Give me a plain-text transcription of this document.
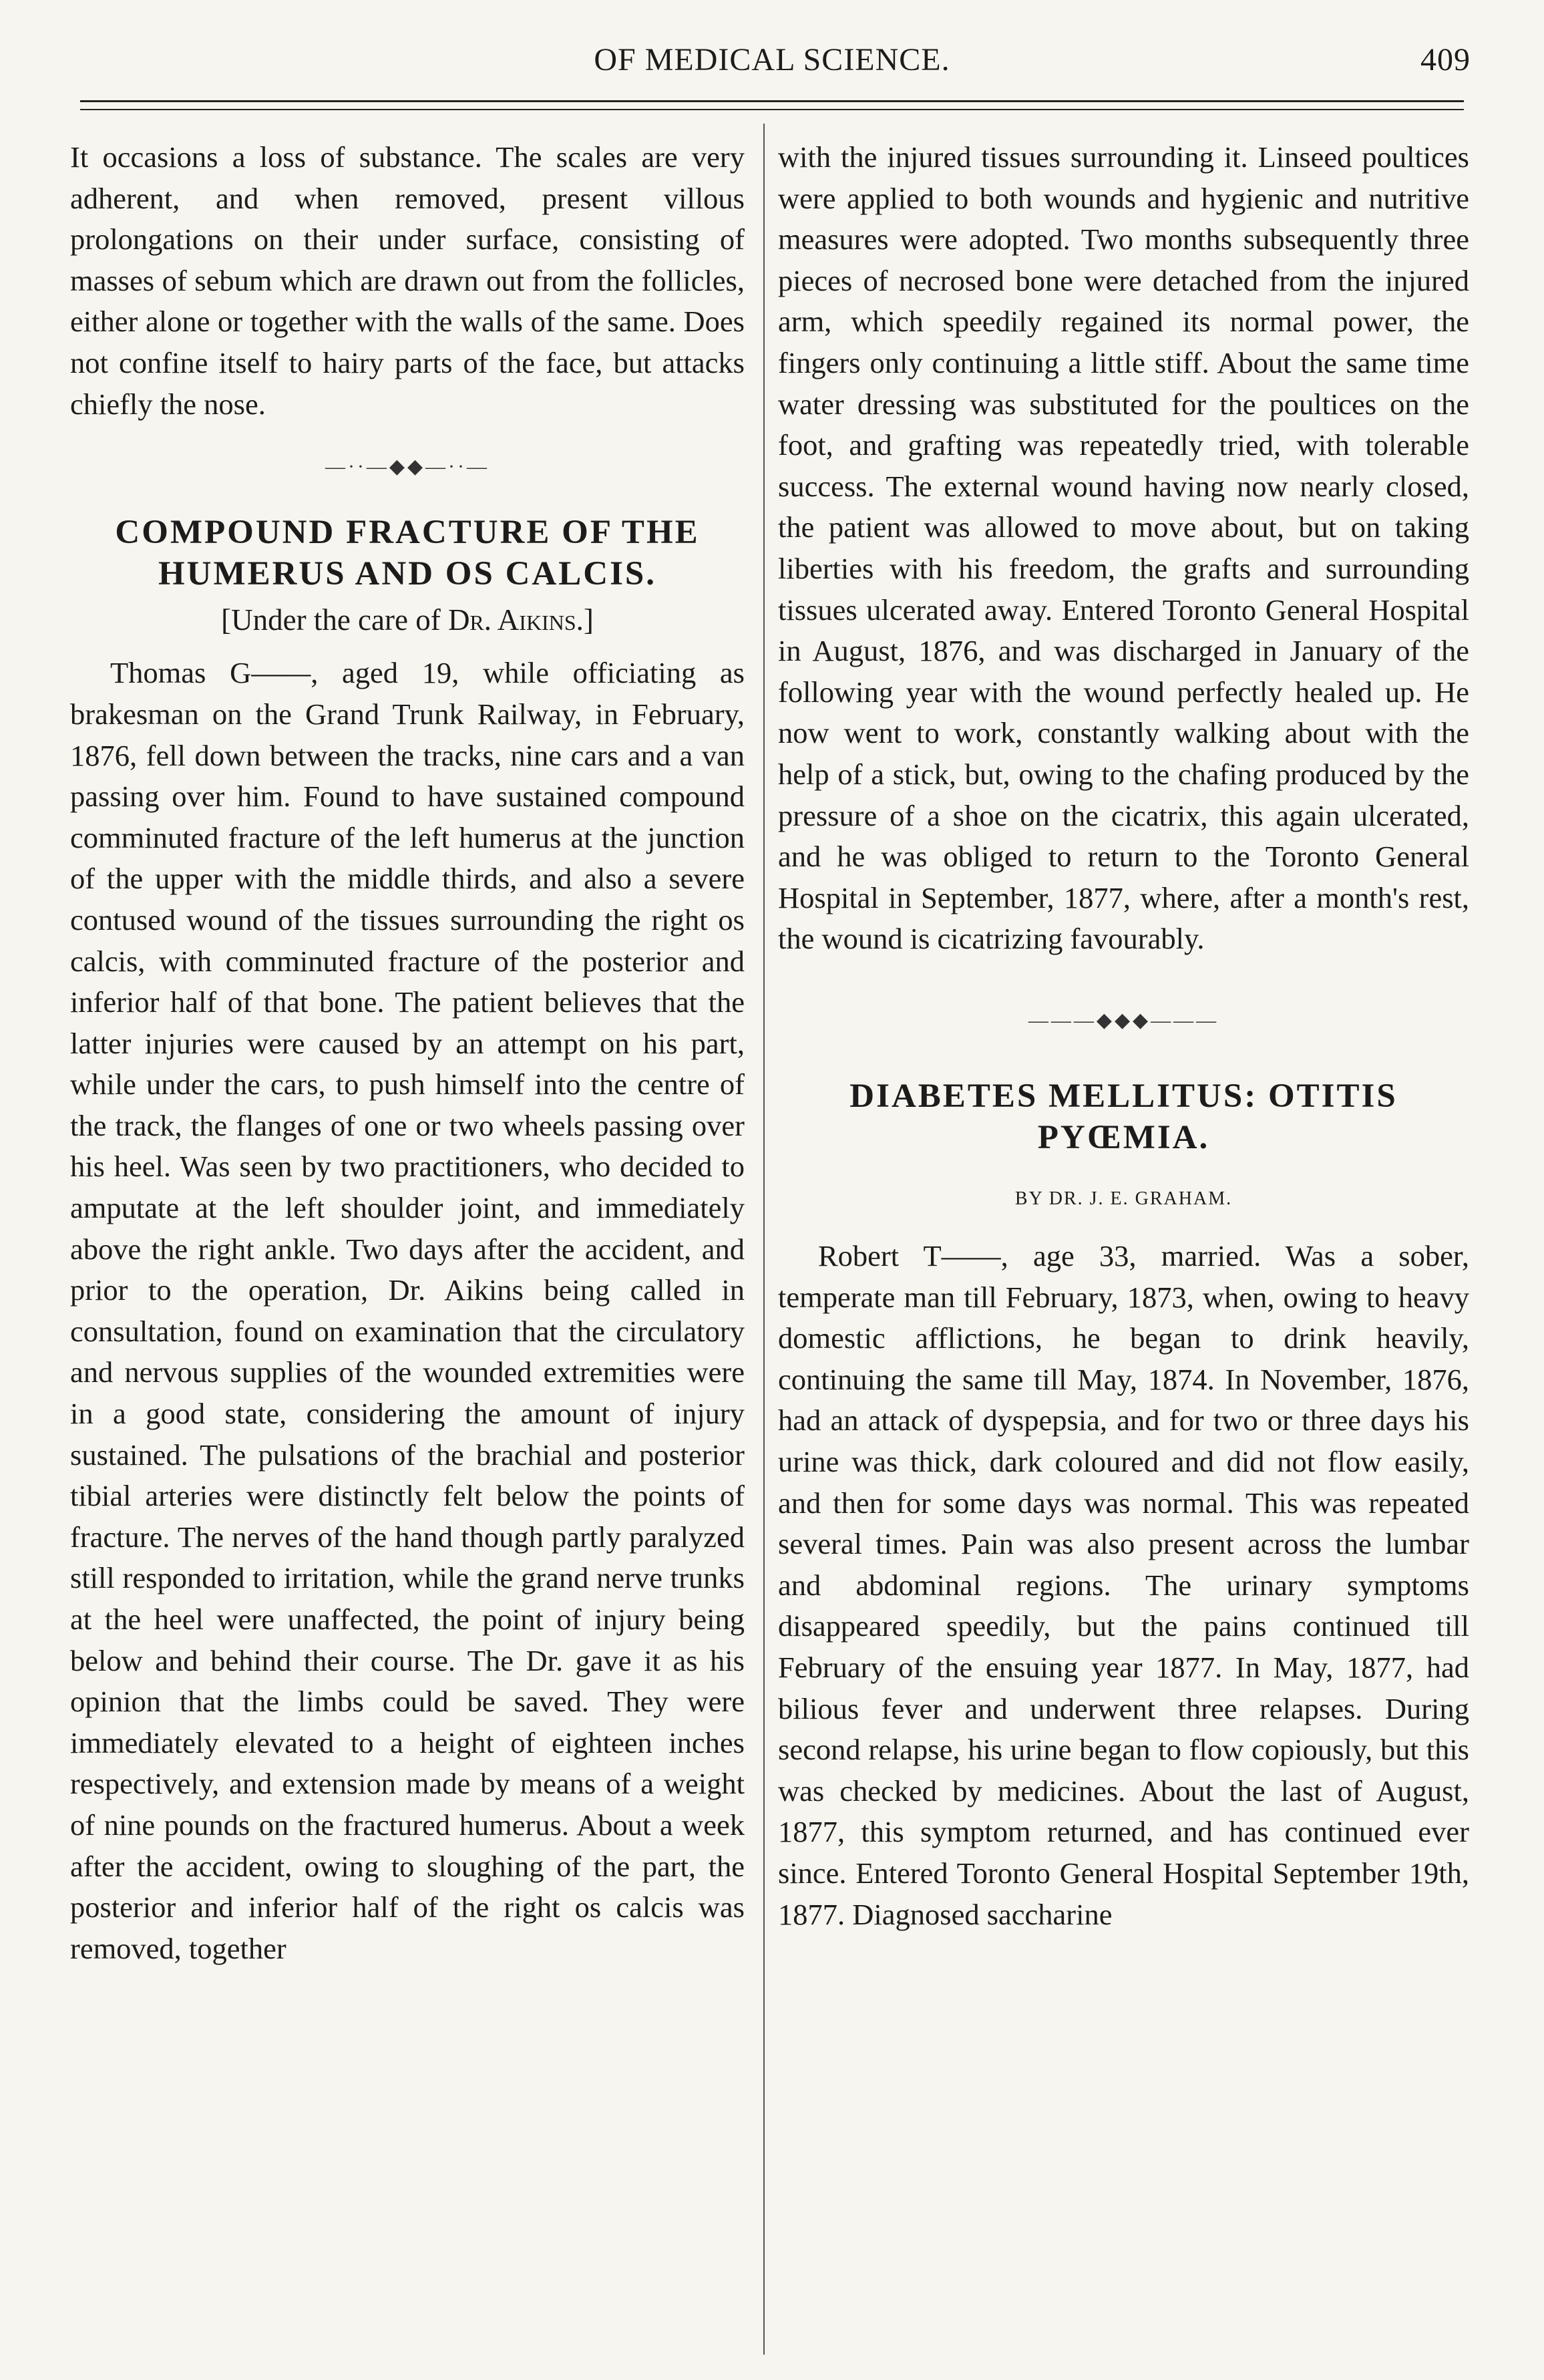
OF MEDICAL SCIENCE.	409

It occasions a loss of substance. The scales are very adherent, and when removed, present villous prolongations on their under surface, consisting of masses of sebum which are drawn out from the follicles, either alone or together with the walls of the same. Does not confine itself to hairy parts of the face, but attacks chiefly the nose.

—··—◆◆—··—
COMPOUND FRACTURE OF THE HUMERUS AND OS CALCIS.
[Under the care of Dr. Aikins.]

Thomas G——, aged 19, while officiating as brakesman on the Grand Trunk Railway, in February, 1876, fell down between the tracks, nine cars and a van passing over him. Found to have sustained compound comminuted fracture of the left humerus at the junction of the upper with the middle thirds, and also a severe contused wound of the tissues surrounding the right os calcis, with comminuted fracture of the posterior and inferior half of that bone. The patient believes that the latter injuries were caused by an attempt on his part, while under the cars, to push himself into the centre of the track, the flanges of one or two wheels passing over his heel. Was seen by two practitioners, who decided to amputate at the left shoulder joint, and immediately above the right ankle. Two days after the accident, and prior to the operation, Dr. Aikins being called in consultation, found on examination that the circulatory and nervous supplies of the wounded extremities were in a good state, considering the amount of injury sustained. The pulsations of the brachial and posterior tibial arteries were distinctly felt below the points of fracture. The nerves of the hand though partly paralyzed still responded to irritation, while the grand nerve trunks at the heel were unaffected, the point of injury being below and behind their course. The Dr. gave it as his opinion that the limbs could be saved. They were immediately elevated to a height of eighteen inches respectively, and extension made by means of a weight of nine pounds on the fractured humerus. About a week after the accident, owing to sloughing of the part, the posterior and inferior half of the right os calcis was removed, together

with the injured tissues surrounding it. Linseed poultices were applied to both wounds and hygienic and nutritive measures were adopted. Two months subsequently three pieces of necrosed bone were detached from the injured arm, which speedily regained its normal power, the fingers only continuing a little stiff. About the same time water dressing was substituted for the poultices on the foot, and grafting was repeatedly tried, with tolerable success. The external wound having now nearly closed, the patient was allowed to move about, but on taking liberties with his freedom, the grafts and surrounding tissues ulcerated away. Entered Toronto General Hospital in August, 1876, and was discharged in January of the following year with the wound perfectly healed up. He now went to work, constantly walking about with the help of a stick, but, owing to the chafing produced by the pressure of a shoe on the cicatrix, this again ulcerated, and he was obliged to return to the Toronto General Hospital in September, 1877, where, after a month's rest, the wound is cicatrizing favourably.

———◆◆◆———
DIABETES MELLITUS: OTITIS PYŒMIA.
BY DR. J. E. GRAHAM.

Robert T——, age 33, married. Was a sober, temperate man till February, 1873, when, owing to heavy domestic afflictions, he began to drink heavily, continuing the same till May, 1874. In November, 1876, had an attack of dyspepsia, and for two or three days his urine was thick, dark coloured and did not flow easily, and then for some days was normal. This was repeated several times. Pain was also present across the lumbar and abdominal regions. The urinary symptoms disappeared speedily, but the pains continued till February of the ensuing year 1877. In May, 1877, had bilious fever and underwent three relapses. During second relapse, his urine began to flow copiously, but this was checked by medicines. About the last of August, 1877, this symptom returned, and has continued ever since. Entered Toronto General Hospital September 19th, 1877. Diagnosed saccharine
